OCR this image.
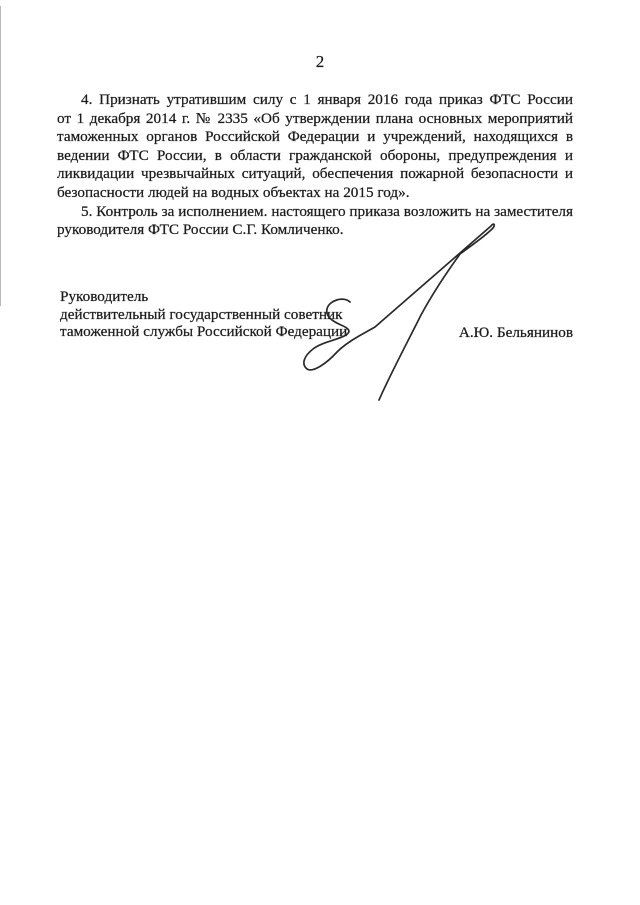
2
4. Признать утратившим силу с 1 января 2016 года приказ ФТС России
от 1 декабря 2014 г. № 2335 «Об утверждении плана основных мероприятий
таможенных органов Российской Федерации и учреждений, находящихся в
ведении ФТС России, в области гражданской обороны, предупреждения и
ликвидации чрезвычайных ситуаций, обеспечения пожарной безопасности и
безопасности людей на водных объектах на 2015 год».
5. Контроль за исполнением. настоящего приказа возложить на заместителя
руководителя ФТС России С.Г. Комличенко.
Руководитель
действительный государственный советник
таможенной службы Российской Федерации	А.Ю. Бельянинов
